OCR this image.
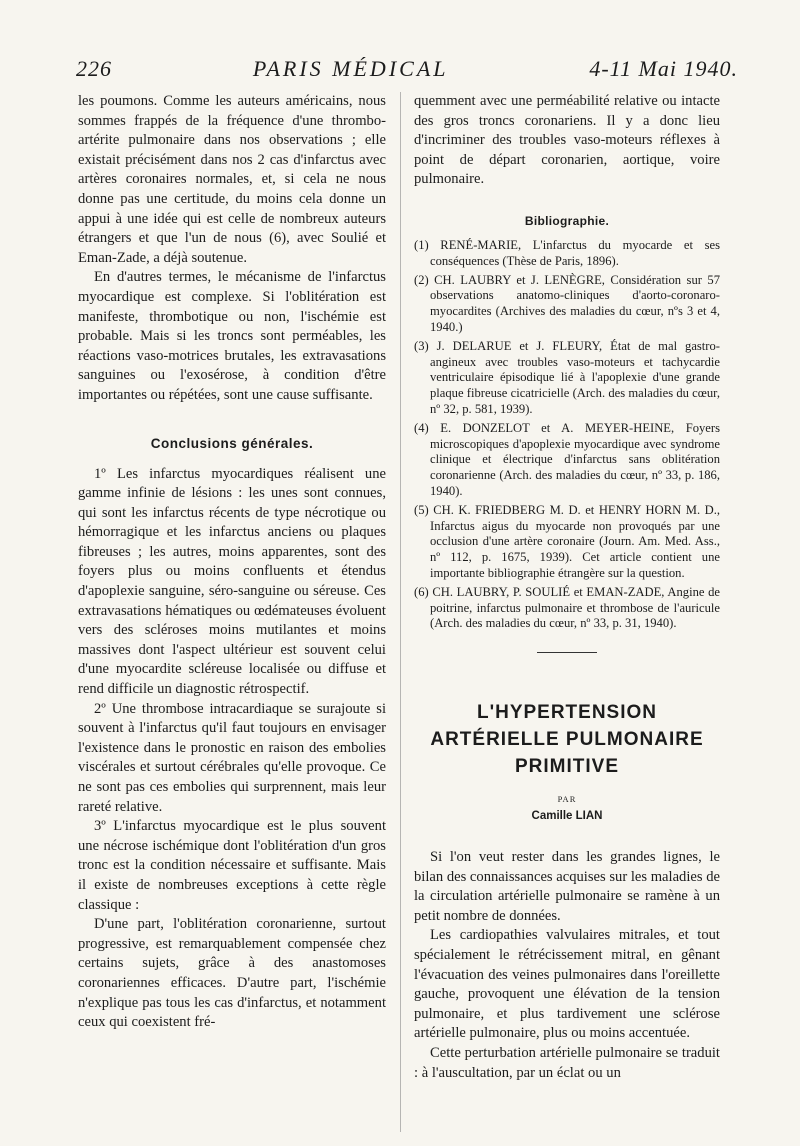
226	PARIS MÉDICAL	4-11 Mai 1940.

les poumons. Comme les auteurs américains, nous sommes frappés de la fréquence d'une thrombo-artérite pulmonaire dans nos observations ; elle existait précisément dans nos 2 cas d'infarctus avec artères coronaires normales, et, si cela ne nous donne pas une certitude, du moins cela donne un appui à une idée qui est celle de nombreux auteurs étrangers et que l'un de nous (6), avec Soulié et Eman-Zade, a déjà soutenue.

En d'autres termes, le mécanisme de l'infarctus myocardique est complexe. Si l'oblitération est manifeste, thrombotique ou non, l'ischémie est probable. Mais si les troncs sont perméables, les réactions vaso-motrices brutales, les extravasations sanguines ou l'exosérose, à condition d'être importantes ou répétées, sont une cause suffisante.

Conclusions générales.

1º Les infarctus myocardiques réalisent une gamme infinie de lésions : les unes sont connues, qui sont les infarctus récents de type nécrotique ou hémorragique et les infarctus anciens ou plaques fibreuses ; les autres, moins apparentes, sont des foyers plus ou moins confluents et étendus d'apoplexie sanguine, séro-sanguine ou séreuse. Ces extravasations hématiques ou œdémateuses évoluent vers des scléroses moins mutilantes et moins massives dont l'aspect ultérieur est souvent celui d'une myocardite scléreuse localisée ou diffuse et rend difficile un diagnostic rétrospectif.

2º Une thrombose intracardiaque se surajoute si souvent à l'infarctus qu'il faut toujours en envisager l'existence dans le pronostic en raison des embolies viscérales et surtout cérébrales qu'elle provoque. Ce ne sont pas ces embolies qui surprennent, mais leur rareté relative.

3º L'infarctus myocardique est le plus souvent une nécrose ischémique dont l'oblitération d'un gros tronc est la condition nécessaire et suffisante. Mais il existe de nombreuses exceptions à cette règle classique :

D'une part, l'oblitération coronarienne, surtout progressive, est remarquablement compensée chez certains sujets, grâce à des anastomoses coronariennes efficaces. D'autre part, l'ischémie n'explique pas tous les cas d'infarctus, et notamment ceux qui coexistent fré-

quemment avec une perméabilité relative ou intacte des gros troncs coronariens. Il y a donc lieu d'incriminer des troubles vaso-moteurs réflexes à point de départ coronarien, aortique, voire pulmonaire.

Bibliographie.

(1) RENÉ-MARIE, L'infarctus du myocarde et ses conséquences (Thèse de Paris, 1896).

(2) CH. LAUBRY et J. LENÈGRE, Considération sur 57 observations anatomo-cliniques d'aorto-coronaro-myocardites (Archives des maladies du cœur, nºs 3 et 4, 1940.)

(3) J. DELARUE et J. FLEURY, État de mal gastro-angineux avec troubles vaso-moteurs et tachycardie ventriculaire épisodique lié à l'apoplexie d'une grande plaque fibreuse cicatricielle (Arch. des maladies du cœur, nº 32, p. 581, 1939).

(4) E. DONZELOT et A. MEYER-HEINE, Foyers microscopiques d'apoplexie myocardique avec syndrome clinique et électrique d'infarctus sans oblitération coronarienne (Arch. des maladies du cœur, nº 33, p. 186, 1940).

(5) CH. K. FRIEDBERG M. D. et HENRY HORN M. D., Infarctus aigus du myocarde non provoqués par une occlusion d'une artère coronaire (Journ. Am. Med. Ass., nº 112, p. 1675, 1939). Cet article contient une importante bibliographie étrangère sur la question.

(6) CH. LAUBRY, P. SOULIÉ et EMAN-ZADE, Angine de poitrine, infarctus pulmonaire et thrombose de l'auricule (Arch. des maladies du cœur, nº 33, p. 31, 1940).

L'HYPERTENSION
ARTÉRIELLE PULMONAIRE
PRIMITIVE
PAR
Camille LIAN

Si l'on veut rester dans les grandes lignes, le bilan des connaissances acquises sur les maladies de la circulation artérielle pulmonaire se ramène à un petit nombre de données.

Les cardiopathies valvulaires mitrales, et tout spécialement le rétrécissement mitral, en gênant l'évacuation des veines pulmonaires dans l'oreillette gauche, provoquent une élévation de la tension pulmonaire, et plus tardivement une sclérose artérielle pulmonaire, plus ou moins accentuée.

Cette perturbation artérielle pulmonaire se traduit : à l'auscultation, par un éclat ou un
